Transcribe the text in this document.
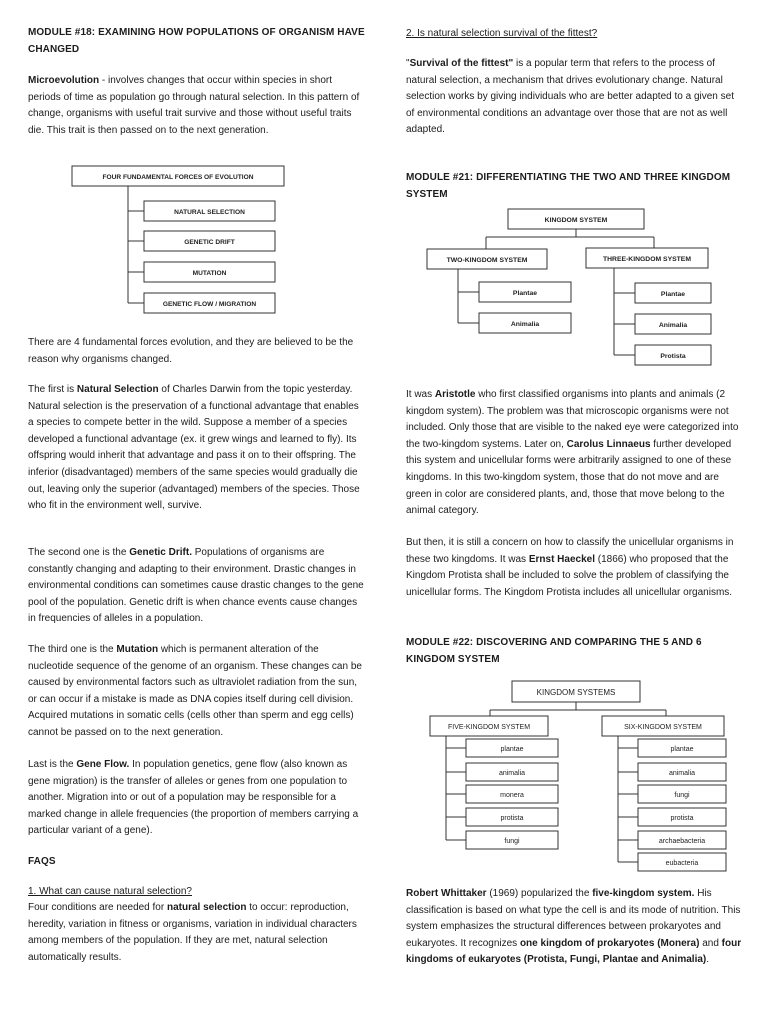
MODULE #18: EXAMINING HOW POPULATIONS OF ORGANISM HAVE CHANGED

Microevolution - involves changes that occur within species in short periods of time as population go through natural selection. In this pattern of change, organisms with useful trait survive and those without useful traits die. This trait is then passed on to the next generation.

FOUR FUNDAMENTAL FORCES OF EVOLUTION
NATURAL SELECTION
GENETIC DRIFT
MUTATION
GENETIC FLOW / MIGRATION

There are 4 fundamental forces evolution, and they are believed to be the reason why organisms changed.

The first is Natural Selection of Charles Darwin from the topic yesterday. Natural selection is the preservation of a functional advantage that enables a species to compete better in the wild. Suppose a member of a species developed a functional advantage (ex. it grew wings and learned to fly). Its offspring would inherit that advantage and pass it on to their offspring. The inferior (disadvantaged) members of the same species would gradually die out, leaving only the superior (advantaged) members of the species. Those who fit in the environment well, survive.

The second one is the Genetic Drift. Populations of organisms are constantly changing and adapting to their environment. Drastic changes in environmental conditions can sometimes cause drastic changes to the gene pool of the population. Genetic drift is when chance events cause changes in frequencies of alleles in a population.

The third one is the Mutation which is permanent alteration of the nucleotide sequence of the genome of an organism. These changes can be caused by environmental factors such as ultraviolet radiation from the sun, or can occur if a mistake is made as DNA copies itself during cell division. Acquired mutations in somatic cells (cells other than sperm and egg cells) cannot be passed on to the next generation.

Last is the Gene Flow. In population genetics, gene flow (also known as gene migration) is the transfer of alleles or genes from one population to another. Migration into or out of a population may be responsible for a marked change in allele frequencies (the proportion of members carrying a particular variant of a gene).

FAQS

1. What can cause natural selection?

Four conditions are needed for natural selection to occur: reproduction, heredity, variation in fitness or organisms, variation in individual characters among members of the population. If they are met, natural selection automatically results.

2. Is natural selection survival of the fittest?

"Survival of the fittest" is a popular term that refers to the process of natural selection, a mechanism that drives evolutionary change. Natural selection works by giving individuals who are better adapted to a given set of environmental conditions an advantage over those that are not as well adapted.

MODULE #21: DIFFERENTIATING THE TWO AND THREE KINGDOM SYSTEM

KINGDOM SYSTEM
TWO-KINGDOM SYSTEM	THREE-KINGDOM SYSTEM
Plantae
Animalia
Plantae
Animalia
Protista

It was Aristotle who first classified organisms into plants and animals (2 kingdom system). The problem was that microscopic organisms were not included. Only those that are visible to the naked eye were categorized into the two-kingdom systems. Later on, Carolus Linnaeus further developed this system and unicellular forms were arbitrarily assigned to one of these kingdoms. In this two-kingdom system, those that do not move and are green in color are considered plants, and, those that move belong to the animal category.

But then, it is still a concern on how to classify the unicellular organisms in these two kingdoms. It was Ernst Haeckel (1866) who proposed that the Kingdom Protista shall be included to solve the problem of classifying the unicellular forms. The Kingdom Protista includes all unicellular organisms.

MODULE #22: DISCOVERING AND COMPARING THE 5 AND 6 KINGDOM SYSTEM

KINGDOM SYSTEMS
FIVE-KINGDOM SYSTEM	SIX-KINGDOM SYSTEM
plantae
animalia
monera
protista
fungi
plantae
animalia
fungi
protista
archaebacteria
eubacteria

Robert Whittaker (1969) popularized the five-kingdom system. His classification is based on what type the cell is and its mode of nutrition. This system emphasizes the structural differences between prokaryotes and eukaryotes. It recognizes one kingdom of prokaryotes (Monera) and four kingdoms of eukaryotes (Protista, Fungi, Plantae and Animalia).
